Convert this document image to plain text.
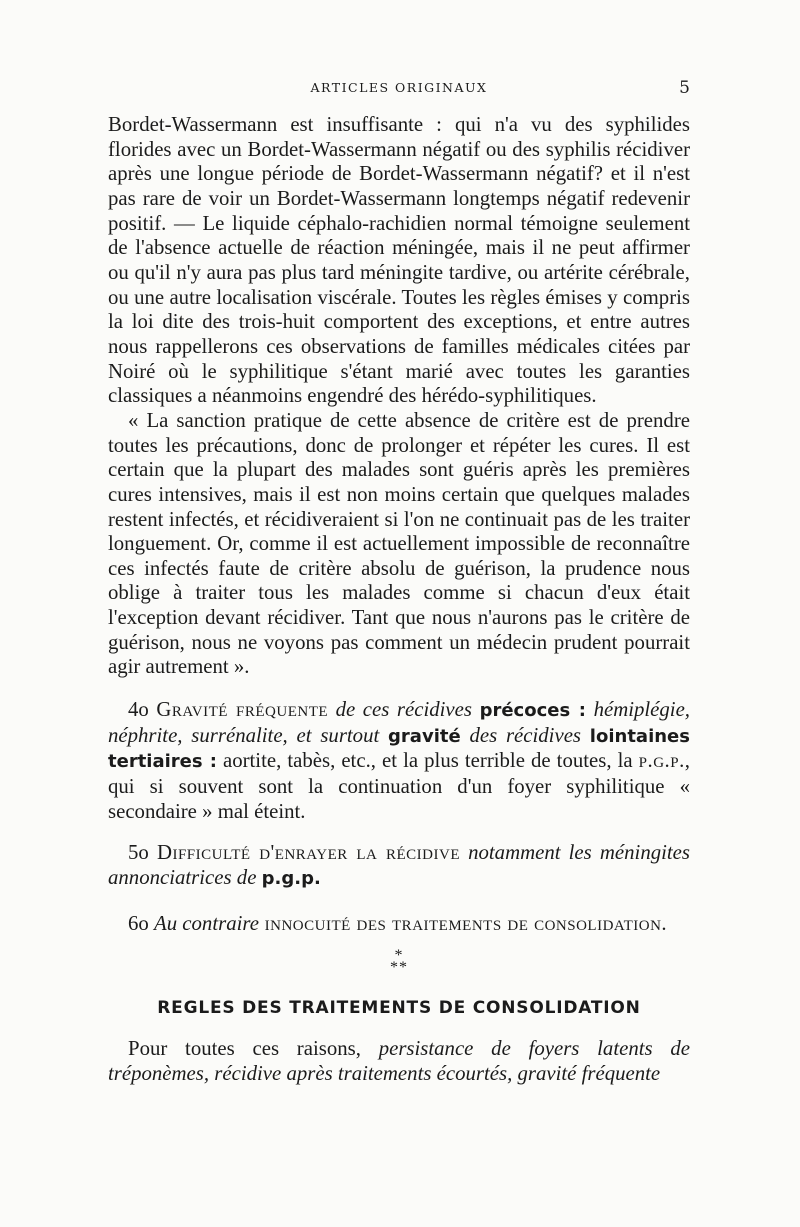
ARTICLES ORIGINAUX	5

Bordet-Wassermann est insuffisante : qui n'a vu des syphilides florides avec un Bordet-Wassermann négatif ou des syphilis récidiver après une longue période de Bordet-Wassermann négatif? et il n'est pas rare de voir un Bordet-Wassermann longtemps négatif redevenir positif. — Le liquide céphalo-rachidien normal témoigne seulement de l'absence actuelle de réaction méningée, mais il ne peut affirmer ou qu'il n'y aura pas plus tard méningite tardive, ou artérite cérébrale, ou une autre localisation viscérale. Toutes les règles émises y compris la loi dite des trois-huit comportent des exceptions, et entre autres nous rappellerons ces observations de familles médicales citées par Noiré où le syphilitique s'étant marié avec toutes les garanties classiques a néanmoins engendré des hérédo-syphilitiques.

« La sanction pratique de cette absence de critère est de prendre toutes les précautions, donc de prolonger et répéter les cures. Il est certain que la plupart des malades sont guéris après les premières cures intensives, mais il est non moins certain que quelques malades restent infectés, et récidiveraient si l'on ne continuait pas de les traiter longuement. Or, comme il est actuellement impossible de reconnaître ces infectés faute de critère absolu de guérison, la prudence nous oblige à traiter tous les malades comme si chacun d'eux était l'exception devant récidiver. Tant que nous n'aurons pas le critère de guérison, nous ne voyons pas comment un médecin prudent pourrait agir autrement ».

4o Gravité fréquente de ces récidives précoces : hémiplégie, néphrite, surrénalite, et surtout gravité des récidives lointaines tertiaires : aortite, tabès, etc., et la plus terrible de toutes, la p.g.p., qui si souvent sont la continuation d'un foyer syphilitique « secondaire » mal éteint.

5o Difficulté d'enrayer la récidive notamment les méningites annonciatrices de p.g.p.

6o Au contraire innocuité des traitements de consolidation.

*
**

REGLES DES TRAITEMENTS DE CONSOLIDATION

Pour toutes ces raisons, persistance de foyers latents de tréponèmes, récidive après traitements écourtés, gravité fréquente
